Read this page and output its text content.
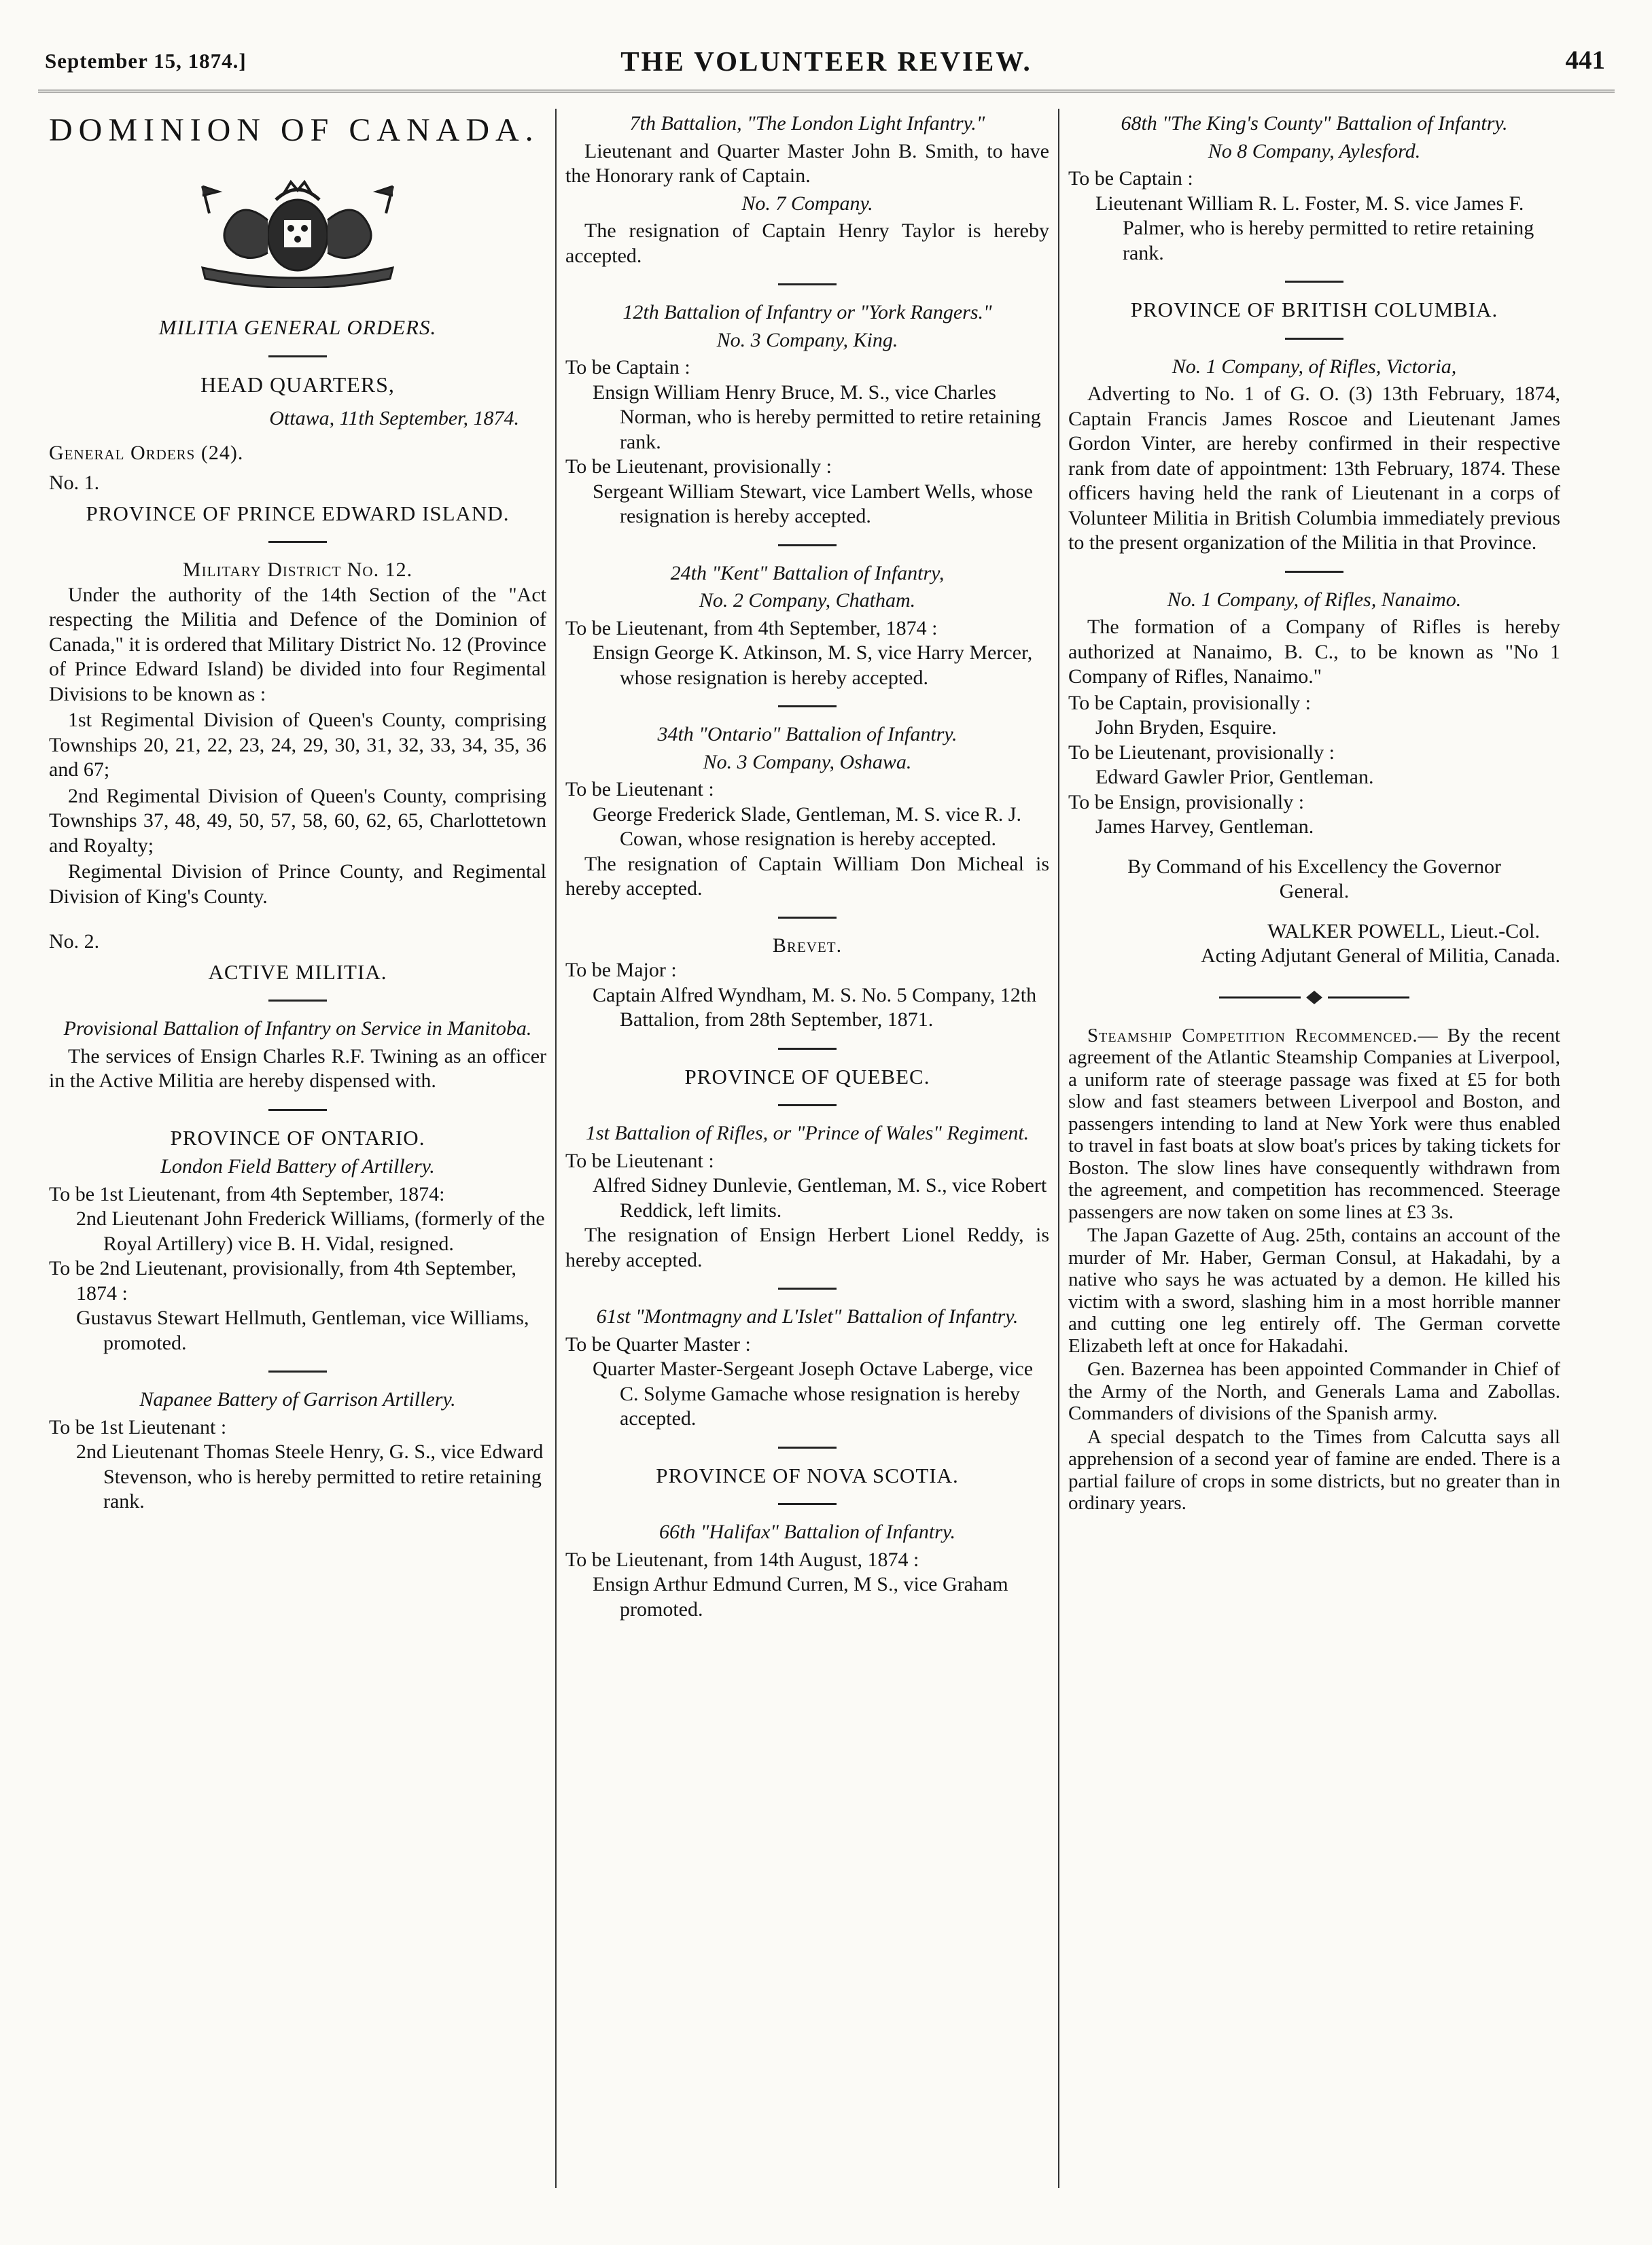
September 15, 1874.]	THE VOLUNTEER REVIEW.	441
DOMINION OF CANADA.
MILITIA GENERAL ORDERS.
HEAD QUARTERS,
Ottawa, 11th September, 1874.
General Orders (24).
No. 1.
PROVINCE OF PRINCE EDWARD ISLAND.
Military District No. 12.

Under the authority of the 14th Section of the "Act respecting the Militia and Defence of the Dominion of Canada," it is ordered that Military District No. 12 (Province of Prince Edward Island) be divided into four Regimental Divisions to be known as :

1st Regimental Division of Queen's County, comprising Townships 20, 21, 22, 23, 24, 29, 30, 31, 32, 33, 34, 35, 36 and 67;

2nd Regimental Division of Queen's County, comprising Townships 37, 48, 49, 50, 57, 58, 60, 62, 65, Charlottetown and Royalty;

Regimental Division of Prince County, and Regimental Division of King's County.

No. 2.
ACTIVE MILITIA.
Provisional Battalion of Infantry on Service in Manitoba.

The services of Ensign Charles R.F. Twining as an officer in the Active Militia are hereby dispensed with.

PROVINCE OF ONTARIO.
London Field Battery of Artillery.

To be 1st Lieutenant, from 4th September, 1874:

2nd Lieutenant John Frederick Williams, (formerly of the Royal Artillery) vice B. H. Vidal, resigned.

To be 2nd Lieutenant, provisionally, from 4th September, 1874 :

Gustavus Stewart Hellmuth, Gentleman, vice Williams, promoted.

Napanee Battery of Garrison Artillery.

To be 1st Lieutenant :

2nd Lieutenant Thomas Steele Henry, G. S., vice Edward Stevenson, who is hereby permitted to retire retaining rank.

7th Battalion, "The London Light Infantry."

Lieutenant and Quarter Master John B. Smith, to have the Honorary rank of Captain.

No. 7 Company.

The resignation of Captain Henry Taylor is hereby accepted.

12th Battalion of Infantry or "York Rangers."
No. 3 Company, King.

To be Captain :

Ensign William Henry Bruce, M. S., vice Charles Norman, who is hereby permitted to retire retaining rank.

To be Lieutenant, provisionally :

Sergeant William Stewart, vice Lambert Wells, whose resignation is hereby accepted.

24th "Kent" Battalion of Infantry,
No. 2 Company, Chatham.

To be Lieutenant, from 4th September, 1874 :

Ensign George K. Atkinson, M. S, vice Harry Mercer, whose resignation is hereby accepted.

34th "Ontario" Battalion of Infantry.
No. 3 Company, Oshawa.

To be Lieutenant :

George Frederick Slade, Gentleman, M. S. vice R. J. Cowan, whose resignation is hereby accepted.

The resignation of Captain William Don Micheal is hereby accepted.

Brevet.

To be Major :

Captain Alfred Wyndham, M. S. No. 5 Company, 12th Battalion, from 28th September, 1871.

PROVINCE OF QUEBEC.
1st Battalion of Rifles, or "Prince of Wales" Regiment.

To be Lieutenant :

Alfred Sidney Dunlevie, Gentleman, M. S., vice Robert Reddick, left limits.

The resignation of Ensign Herbert Lionel Reddy, is hereby accepted.

61st "Montmagny and L'Islet" Battalion of Infantry.

To be Quarter Master :

Quarter Master-Sergeant Joseph Octave Laberge, vice C. Solyme Gamache whose resignation is hereby accepted.

PROVINCE OF NOVA SCOTIA.
66th "Halifax" Battalion of Infantry.

To be Lieutenant, from 14th August, 1874 :

Ensign Arthur Edmund Curren, M S., vice Graham promoted.

68th "The King's County" Battalion of Infantry.
No 8 Company, Aylesford.

To be Captain :

Lieutenant William R. L. Foster, M. S. vice James F. Palmer, who is hereby permitted to retire retaining rank.

PROVINCE OF BRITISH COLUMBIA.
No. 1 Company, of Rifles, Victoria,

Adverting to No. 1 of G. O. (3) 13th February, 1874, Captain Francis James Roscoe and Lieutenant James Gordon Vinter, are hereby confirmed in their respective rank from date of appointment: 13th February, 1874. These officers having held the rank of Lieutenant in a corps of Volunteer Militia in British Columbia immediately previous to the present organization of the Militia in that Province.

No. 1 Company, of Rifles, Nanaimo.

The formation of a Company of Rifles is hereby authorized at Nanaimo, B. C., to be known as "No 1 Company of Rifles, Nanaimo."

To be Captain, provisionally :

John Bryden, Esquire.

To be Lieutenant, provisionally :

Edward Gawler Prior, Gentleman.

To be Ensign, provisionally :

James Harvey, Gentleman.

By Command of his Excellency the Governor General.
WALKER POWELL, Lieut.-Col.
Acting Adjutant General of Militia, Canada.

Steamship Competition Recommenced.— By the recent agreement of the Atlantic Steamship Companies at Liverpool, a uniform rate of steerage passage was fixed at £5 for both slow and fast steamers between Liverpool and Boston, and passengers intending to land at New York were thus enabled to travel in fast boats at slow boat's prices by taking tickets for Boston. The slow lines have consequently withdrawn from the agreement, and competition has recommenced. Steerage passengers are now taken on some lines at £3 3s.

The Japan Gazette of Aug. 25th, contains an account of the murder of Mr. Haber, German Consul, at Hakadahi, by a native who says he was actuated by a demon. He killed his victim with a sword, slashing him in a most horrible manner and cutting one leg entirely off. The German corvette Elizabeth left at once for Hakadahi.

Gen. Bazernea has been appointed Commander in Chief of the Army of the North, and Generals Lama and Zabollas. Commanders of divisions of the Spanish army.

A special despatch to the Times from Calcutta says all apprehension of a second year of famine are ended. There is a partial failure of crops in some districts, but no greater than in ordinary years.
